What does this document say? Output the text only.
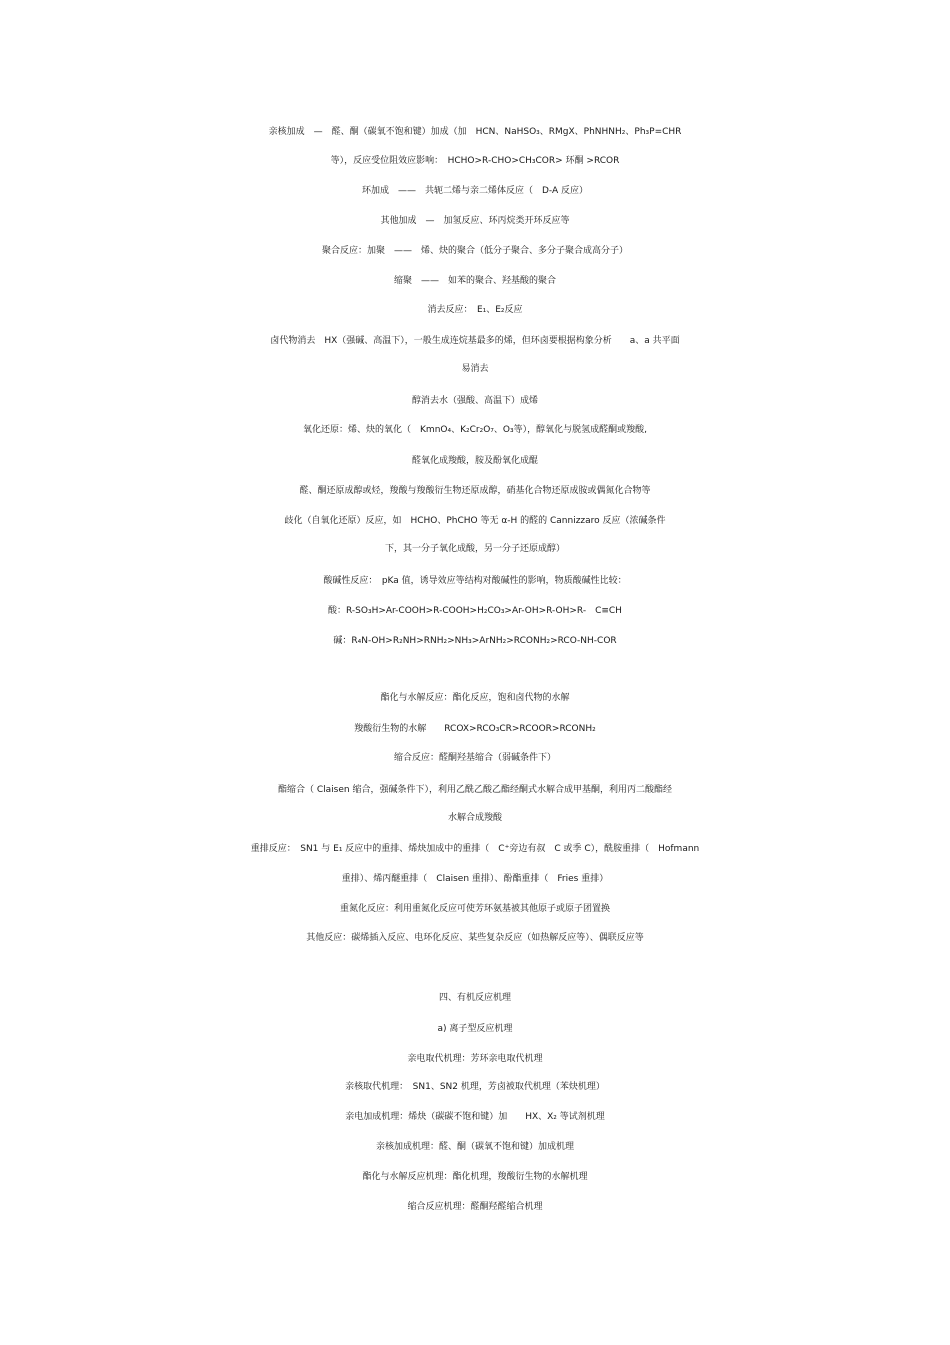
亲核加成　—　醛、酮（碳氧不饱和键）加成（加　HCN、NaHSO₃、RMgX、PhNHNH₂、Ph₃P=CHR
等），反应受位阻效应影响：　HCHO>R-CHO>CH₃COR> 环酮 >RCOR
环加成　——　共轭二烯与亲二烯体反应（　D-A 反应）
其他加成　—　加氢反应、环丙烷类开环反应等
聚合反应：加聚　——　烯、炔的聚合（低分子聚合、多分子聚合成高分子）
缩聚　——　如苯的聚合、羟基酸的聚合
消去反应：　E₁、E₂反应
卤代物消去　HX（强碱、高温下），一般生成连烷基最多的烯，但环卤要根据构象分析　　a、a 共平面
易消去
醇消去水（强酸、高温下）成烯
氧化还原：烯、炔的氧化（　KmnO₄、K₂Cr₂O₇、O₃等），醇氧化与脱氢成醛酮或羧酸,
醛氧化成羧酸，胺及酚氧化成醌
醛、酮还原成醇或烃，羧酸与羧酸衍生物还原成醇，硝基化合物还原成胺或偶氮化合物等
歧化（自氧化还原）反应，如　HCHO、PhCHO 等无 α-H 的醛的 Cannizzaro 反应（浓碱条件
下，其一分子氧化成酸，另一分子还原成醇）
酸碱性反应：　pKa 值，诱导效应等结构对酸碱性的影响，物质酸碱性比较：
酸：R-SO₃H>Ar-COOH>R-COOH>H₂CO₃>Ar-OH>R-OH>R-　C≡CH
碱：R₄N-OH>R₂NH>RNH₂>NH₃>ArNH₂>RCONH₂>RCO-NH-COR
酯化与水解反应：酯化反应，饱和卤代物的水解
羧酸衍生物的水解　　RCOX>RCO₃CR>RCOOR>RCONH₂
缩合反应：醛酮羟基缩合（弱碱条件下）
酯缩合（ Claisen 缩合，强碱条件下），利用乙酰乙酸乙酯经酮式水解合成甲基酮，利用丙二酸酯经
水解合成羧酸
重排反应：　SN1 与 E₁ 反应中的重排、烯炔加成中的重排（　C⁺旁边有叔　C 或季 C），酰胺重排（　Hofmann
重排）、烯丙醚重排（　Claisen 重排）、酚酯重排（　Fries 重排）
重氮化反应：利用重氮化反应可使芳环氨基被其他原子或原子团置换
其他反应：碳烯插入反应、电环化反应、某些复杂反应（如热解反应等）、偶联反应等
四、有机反应机理
a) 离子型反应机理
亲电取代机理：芳环亲电取代机理
亲核取代机理：　SN1、SN2 机理，芳卤被取代机理（苯炔机理）
亲电加成机理：烯炔（碳碳不饱和键）加　　HX、X₂ 等试剂机理
亲核加成机理：醛、酮（碳氧不饱和键）加成机理
酯化与水解反应机理：酯化机理，羧酸衍生物的水解机理
缩合反应机理：醛酮羟醛缩合机理
